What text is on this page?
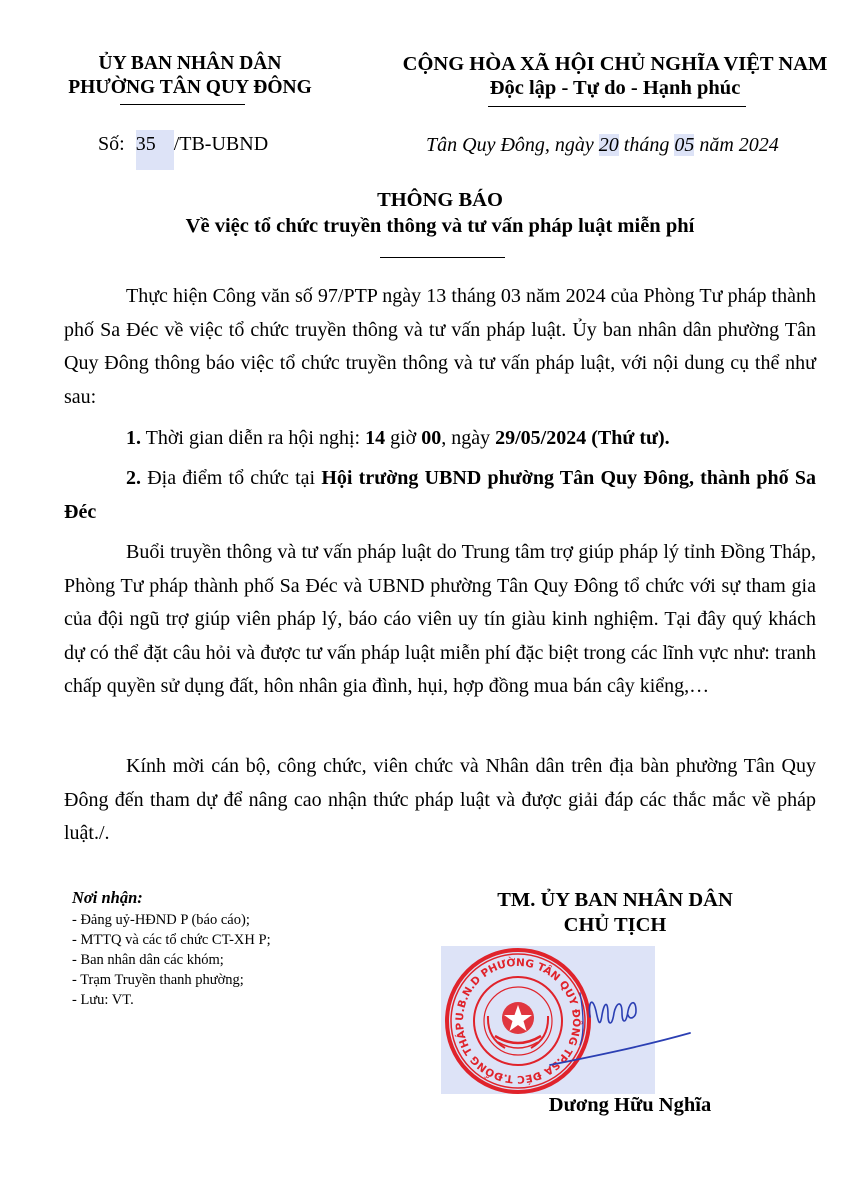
ỦY BAN NHÂN DÂN
PHƯỜNG TÂN QUY ĐÔNG
CỘNG HÒA XÃ HỘI CHỦ NGHĨA VIỆT NAM
Độc lập - Tự do - Hạnh phúc
Số: 35 /TB-UBND	Tân Quy Đông, ngày 20 tháng 05 năm 2024
THÔNG BÁO
Về việc tổ chức truyền thông và tư vấn pháp luật miễn phí

Thực hiện Công văn số 97/PTP ngày 13 tháng 03 năm 2024 của Phòng Tư pháp thành phố Sa Đéc về việc tổ chức truyền thông và tư vấn pháp luật. Ủy ban nhân dân phường Tân Quy Đông thông báo việc tổ chức truyền thông và tư vấn pháp luật, với nội dung cụ thể như sau:

1. Thời gian diễn ra hội nghị: 14 giờ 00, ngày 29/05/2024 (Thứ tư).

2. Địa điểm tổ chức tại Hội trường UBND phường Tân Quy Đông, thành phố Sa Đéc

Buổi truyền thông và tư vấn pháp luật do Trung tâm trợ giúp pháp lý tỉnh Đồng Tháp, Phòng Tư pháp thành phố Sa Đéc và UBND phường Tân Quy Đông tổ chức với sự tham gia của đội ngũ trợ giúp viên pháp lý, báo cáo viên uy tín giàu kinh nghiệm. Tại đây quý khách dự có thể đặt câu hỏi và được tư vấn pháp luật miễn phí đặc biệt trong các lĩnh vực như: tranh chấp quyền sử dụng đất, hôn nhân gia đình, hụi, hợp đồng mua bán cây kiểng,…

Kính mời cán bộ, công chức, viên chức và Nhân dân trên địa bàn phường Tân Quy Đông đến tham dự để nâng cao nhận thức pháp luật và được giải đáp các thắc mắc về pháp luật./.

Nơi nhận:
- Đảng uỷ-HĐND P (báo cáo);
- MTTQ và các tổ chức CT-XH P;
- Ban nhân dân các khóm;
- Trạm Truyền thanh phường;
- Lưu: VT.
TM. ỦY BAN NHÂN DÂN
CHỦ TỊCH
U.B.N.D PHƯỜNG TÂN QUY ĐÔNG TP.SA ĐÉC T.ĐỒNG THÁP
Dương Hữu Nghĩa
